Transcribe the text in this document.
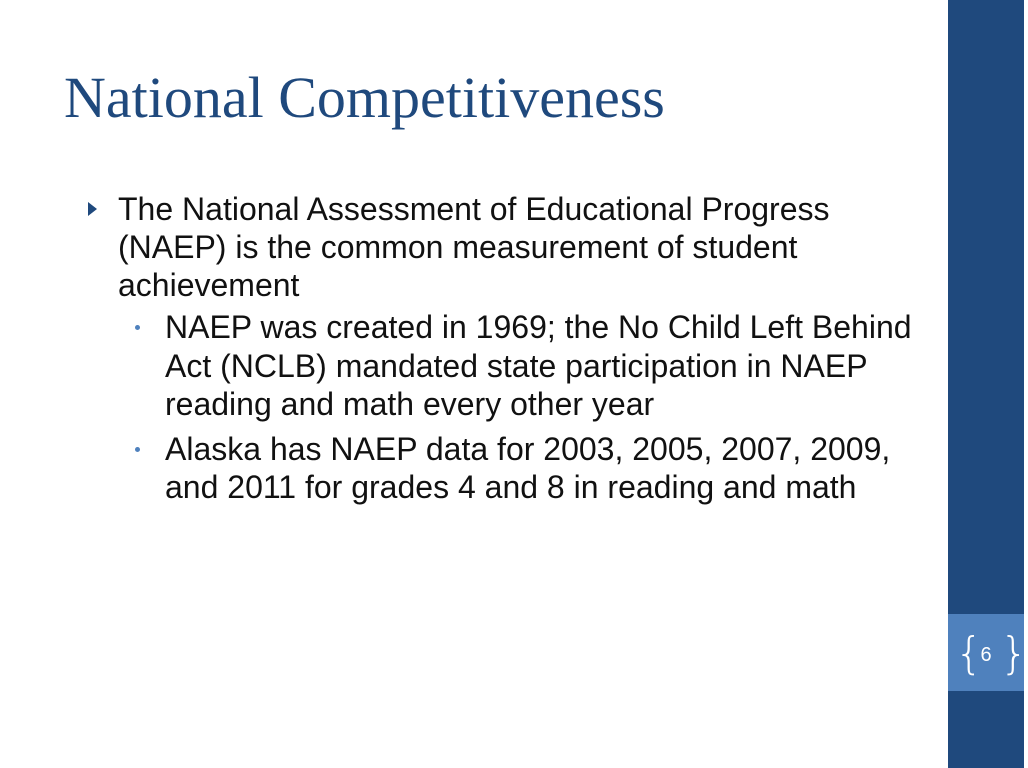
{ }
6
National Competitiveness
The National Assessment of Educational Progress (NAEP) is the common measurement of student achievement
NAEP was created in 1969; the No Child Left Behind Act (NCLB) mandated state participation in NAEP reading and math every other year
Alaska has NAEP data for 2003, 2005, 2007, 2009, and 2011 for grades 4 and 8 in reading and math
